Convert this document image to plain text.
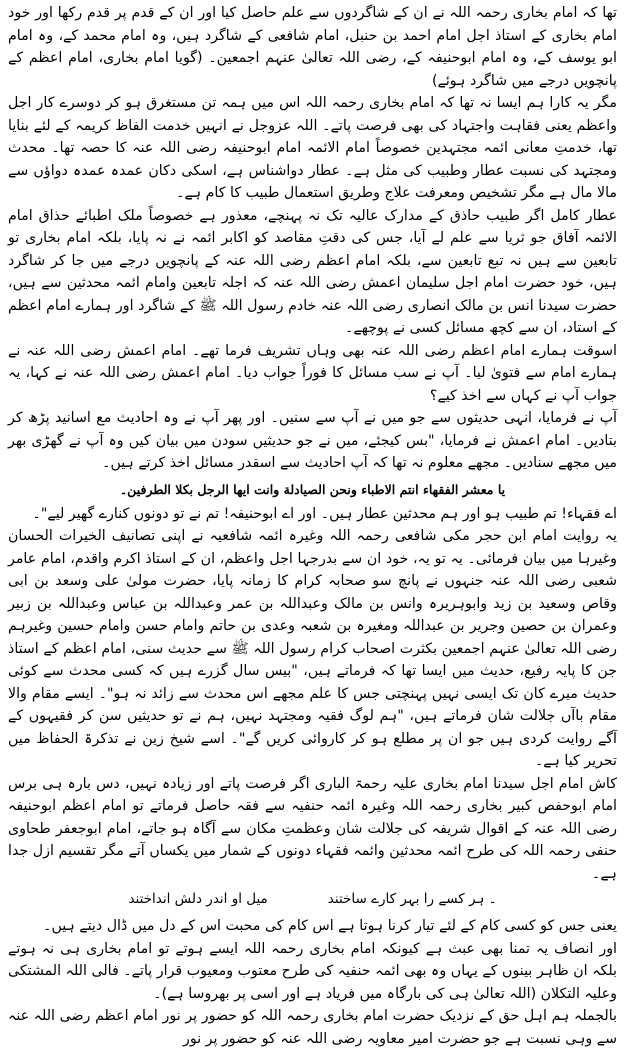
تھا کہ امام بخاری رحمہ اللہ نے ان کے شاگردوں سے علم حاصل کیا اور ان کے قدم پر قدم رکھا اور خود امام بخاری کے استاذ اجل امام احمد بن حنبل، امام شافعی کے شاگرد ہیں، وہ امام محمد کے، وہ امام ابو یوسف کے، وہ امام ابوحنیفہ کے، رضی اللہ تعالیٰ عنہم اجمعین۔ (گویا امام بخاری، امام اعظم کے پانچویں درجے میں شاگرد ہوئے)

مگر یہ کارا ہم ایسا نہ تھا کہ امام بخاری رحمہ اللہ اس میں ہمہ تن مستغرق ہو کر دوسرے کار اجل واعظم یعنی فقاہت واجتہاد کی بھی فرصت پاتے۔ اللہ عزوجل نے انہیں خدمت الفاظ کریمہ کے لئے بنایا تھا، خدمتِ معانی ائمہ مجتہدین خصوصاً امام الائمہ امام ابوحنیفہ رضی اللہ عنہ کا حصہ تھا۔ محدث ومجتہد کی نسبت عطار وطبیب کی مثل ہے۔ عطار دواشناس ہے، اسکی دکان عمدہ عمدہ دواؤں سے مالا مال ہے مگر تشخیص ومعرفت علاج وطریق استعمال طبیب کا کام ہے۔

عطار کامل اگر طبیب حاذق کے مدارک عالیہ تک نہ پہنچے، معذور ہے خصوصاً ملک اطبائے حذاق امام الائمہ آفاق جو ثریا سے علم لے آیا، جس کی دقتِ مقاصد کو اکابر ائمہ نے نہ پایا، بلکہ امام بخاری تو تابعین سے ہیں نہ تبع تابعین سے، بلکہ امام اعظم رضی اللہ عنہ کے پانچویں درجے میں جا کر شاگرد ہیں، خود حضرت امام اجل سلیمان اعمش رضی اللہ عنہ کہ اجلہ تابعین وامام ائمہ محدثین سے ہیں، حضرت سیدنا انس بن مالک انصاری رضی اللہ عنہ خادم رسول اللہ ﷺ کے شاگرد اور ہمارے امام اعظم کے استاد، ان سے کچھ مسائل کسی نے پوچھے۔

اسوقت ہمارے امام اعظم رضی اللہ عنہ بھی وہاں تشریف فرما تھے۔ امام اعمش رضی اللہ عنہ نے ہمارے امام سے فتویٰ لیا۔ آپ نے سب مسائل کا فوراً جواب دیا۔ امام اعمش رضی اللہ عنہ نے کہا، یہ جواب آپ نے کہاں سے اخذ کیے؟

آپ نے فرمایا، انہی حدیثوں سے جو میں نے آپ سے سنیں۔ اور پھر آپ نے وہ احادیث مع اسانید پڑھ کر بتادیں۔ امام اعمش نے فرمایا، "بس کیجئے، میں نے جو حدیثیں سودن میں بیان کیں وہ آپ نے گھڑی بھر میں مجھے سنادیں۔ مجھے معلوم نہ تھا کہ آپ احادیث سے اسقدر مسائل اخذ کرتے ہیں۔

یا معشر الفقهاء انتم الاطباء ونحن الصیادلة وانت ایها الرجل بکلا الطرفین۔

اے فقہاء! تم طبیب ہو اور ہم محدثین عطار ہیں۔ اور اے ابوحنیفہ! تم نے تو دونوں کنارے گھیر لیے"۔

یہ روایت امام ابن حجر مکی شافعی رحمہ اللہ وغیرہ ائمہ شافعیہ نے اپنی تصانیف الخیرات الحسان وغیرہا میں بیان فرمائی۔ یہ تو یہ، خود ان سے بدرجہا اجل واعظم، ان کے استاذ اکرم واقدم، امام عامر شعبی رضی اللہ عنہ جنہوں نے پانچ سو صحابہ کرام کا زمانہ پایا، حضرت مولیٰ علی وسعد بن ابی وقاص وسعید بن زید وابوہریرہ وانس بن مالک وعبداللہ بن عمر وعبداللہ بن عباس وعبداللہ بن زبیر وعمران بن حصین وجریر بن عبداللہ ومغیرہ بن شعبہ وعدی بن حاتم وامام حسن وامام حسین وغیرہم رضی اللہ تعالیٰ عنہم اجمعین بکثرت اصحاب کرام رسول اللہ ﷺ سے حدیث سنی، امام اعظم کے استاذ جن کا پایہ رفیع، حدیث میں ایسا تھا کہ فرماتے ہیں، "بیس سال گزرے ہیں کہ کسی محدث سے کوئی حدیث میرے کان تک ایسی نہیں پہنچتی جس کا علم مجھے اس محدث سے زائد نہ ہو"۔ ایسے مقام والا مقام باآں جلالت شان فرماتے ہیں، "ہم لوگ فقیہ ومجتہد نہیں، ہم نے تو حدیثیں سن کر فقیہوں کے آگے روایت کردی ہیں جو ان پر مطلع ہو کر کاروائی کریں گے"۔ اسے شیخ زین نے تذکرۃ الحفاظ میں تحریر کیا ہے۔

کاش امام اجل سیدنا امام بخاری علیہ رحمۃ الباری اگر فرصت پاتے اور زیادہ نہیں، دس بارہ ہی برس امام ابوحفص کبیر بخاری رحمہ اللہ وغیرہ ائمہ حنفیہ سے فقہ حاصل فرماتے تو امام اعظم ابوحنیفہ رضی اللہ عنہ کے اقوال شریفہ کی جلالت شان وعظمتِ مکان سے آگاہ ہو جاتے، امام ابوجعفر طحاوی حنفی رحمہ اللہ کی طرح ائمہ محدثین وائمہ فقہاء دونوں کے شمار میں یکساں آتے مگر تقسیم ازل جدا ہے۔

۔ ہر کسے را بہر کارے ساختند
میل او اندر دلش انداختند

یعنی جس کو کسی کام کے لئے تیار کرنا ہوتا ہے اس کام کی محبت اس کے دل میں ڈال دیتے ہیں۔

اور انصاف یہ تمنا بھی عبث ہے کیونکہ امام بخاری رحمہ اللہ ایسے ہوتے تو امام بخاری ہی نہ ہوتے بلکہ ان ظاہر بینوں کے یہاں وہ بھی ائمہ حنفیہ کی طرح معتوب ومعیوب قرار پاتے۔ فالی اللہ المشتکی وعلیہ التکلان (اللہ تعالیٰ ہی کی بارگاہ میں فریاد ہے اور اسی پر بھروسا ہے)۔

بالجملہ ہم اہل حق کے نزدیک حضرت امام بخاری رحمہ اللہ کو حضور پر نور امام اعظم رضی اللہ عنہ سے وہی نسبت ہے جو حضرت امیر معاویہ رضی اللہ عنہ کو حضور پر نور
